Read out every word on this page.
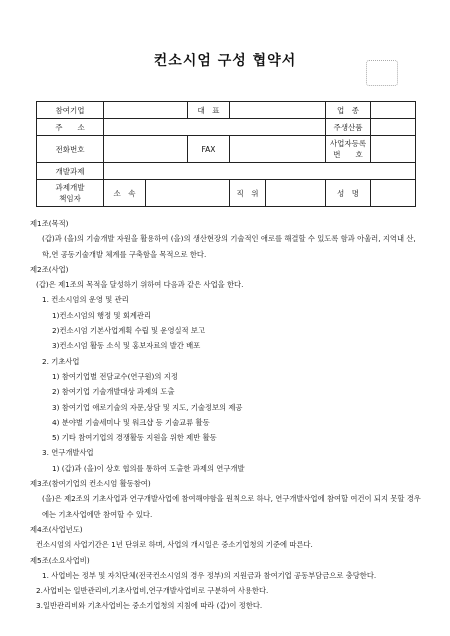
컨소시엄 구성 협약서
참여기업			대　표			업　종	
주　　소						주생산품	
전화번호			FAX			사업자등록
번　　호	

개발과제							

과제개발
책임자	소　속			직　위		성　명	
제1조(목적)
(갑)과 (을)의 기술개발 자원을 활용하여 (을)의 생산현장의 기술적인 애로를 해결할 수 있도록 함과 아울러, 지역내 산,학,연 공동기술개발 체계를 구축함을 목적으로 한다.
제2조(사업)
(갑)은 제1조의 목적을 달성하기 위하여 다음과 같은 사업을 한다.
1. 컨소시엄의 운영 및 관리
1)컨소시엄의 행정 및 회계관리
2)컨소시엄 기본사업계획 수립 및 운영실적 보고
3)컨소시엄 활동 소식 및 홍보자료의 발간 배포
2. 기초사업
1) 참여기업별 전담교수(연구원)의 지정
2) 참여기업 기술개발대상 과제의 도출
3) 참여기업 애로기술의 자문,상담 및 지도, 기술정보의 제공
4) 분야별 기술세미나 및 워크샵 등 기술교류 활동
5) 기타 참여기업의 경쟁활동 지원을 위한 제반 활동
3. 연구개발사업
1) (갑)과 (을)이 상호 협의를 통하여 도출한 과제의 연구개발
제3조(참여기업의 컨소시엄 활동참여)
(을)은 제2조의 기초사업과 연구개발사업에 참여해야함을 원칙으로 하나, 연구개발사업에 참여할 여건이 되지 못할 경우에는 기초사업에만 참여할 수 있다.
제4조(사업년도)
컨소시엄의 사업기간은 1년 단위로 하며, 사업의 개시일은 중소기업청의 기준에 따른다.
제5조(소요사업비)
1. 사업비는 정부 및 자치단체(전국컨소시엄의 경우 정부)의 지원금과 참여기업 공동부담금으로 충당한다.
2.사업비는 일반관리비,기초사업비,연구개발사업비로 구분하여 사용한다.
3.일반관리비와 기초사업비는 중소기업청의 지침에 따라 (갑)이 정한다.
